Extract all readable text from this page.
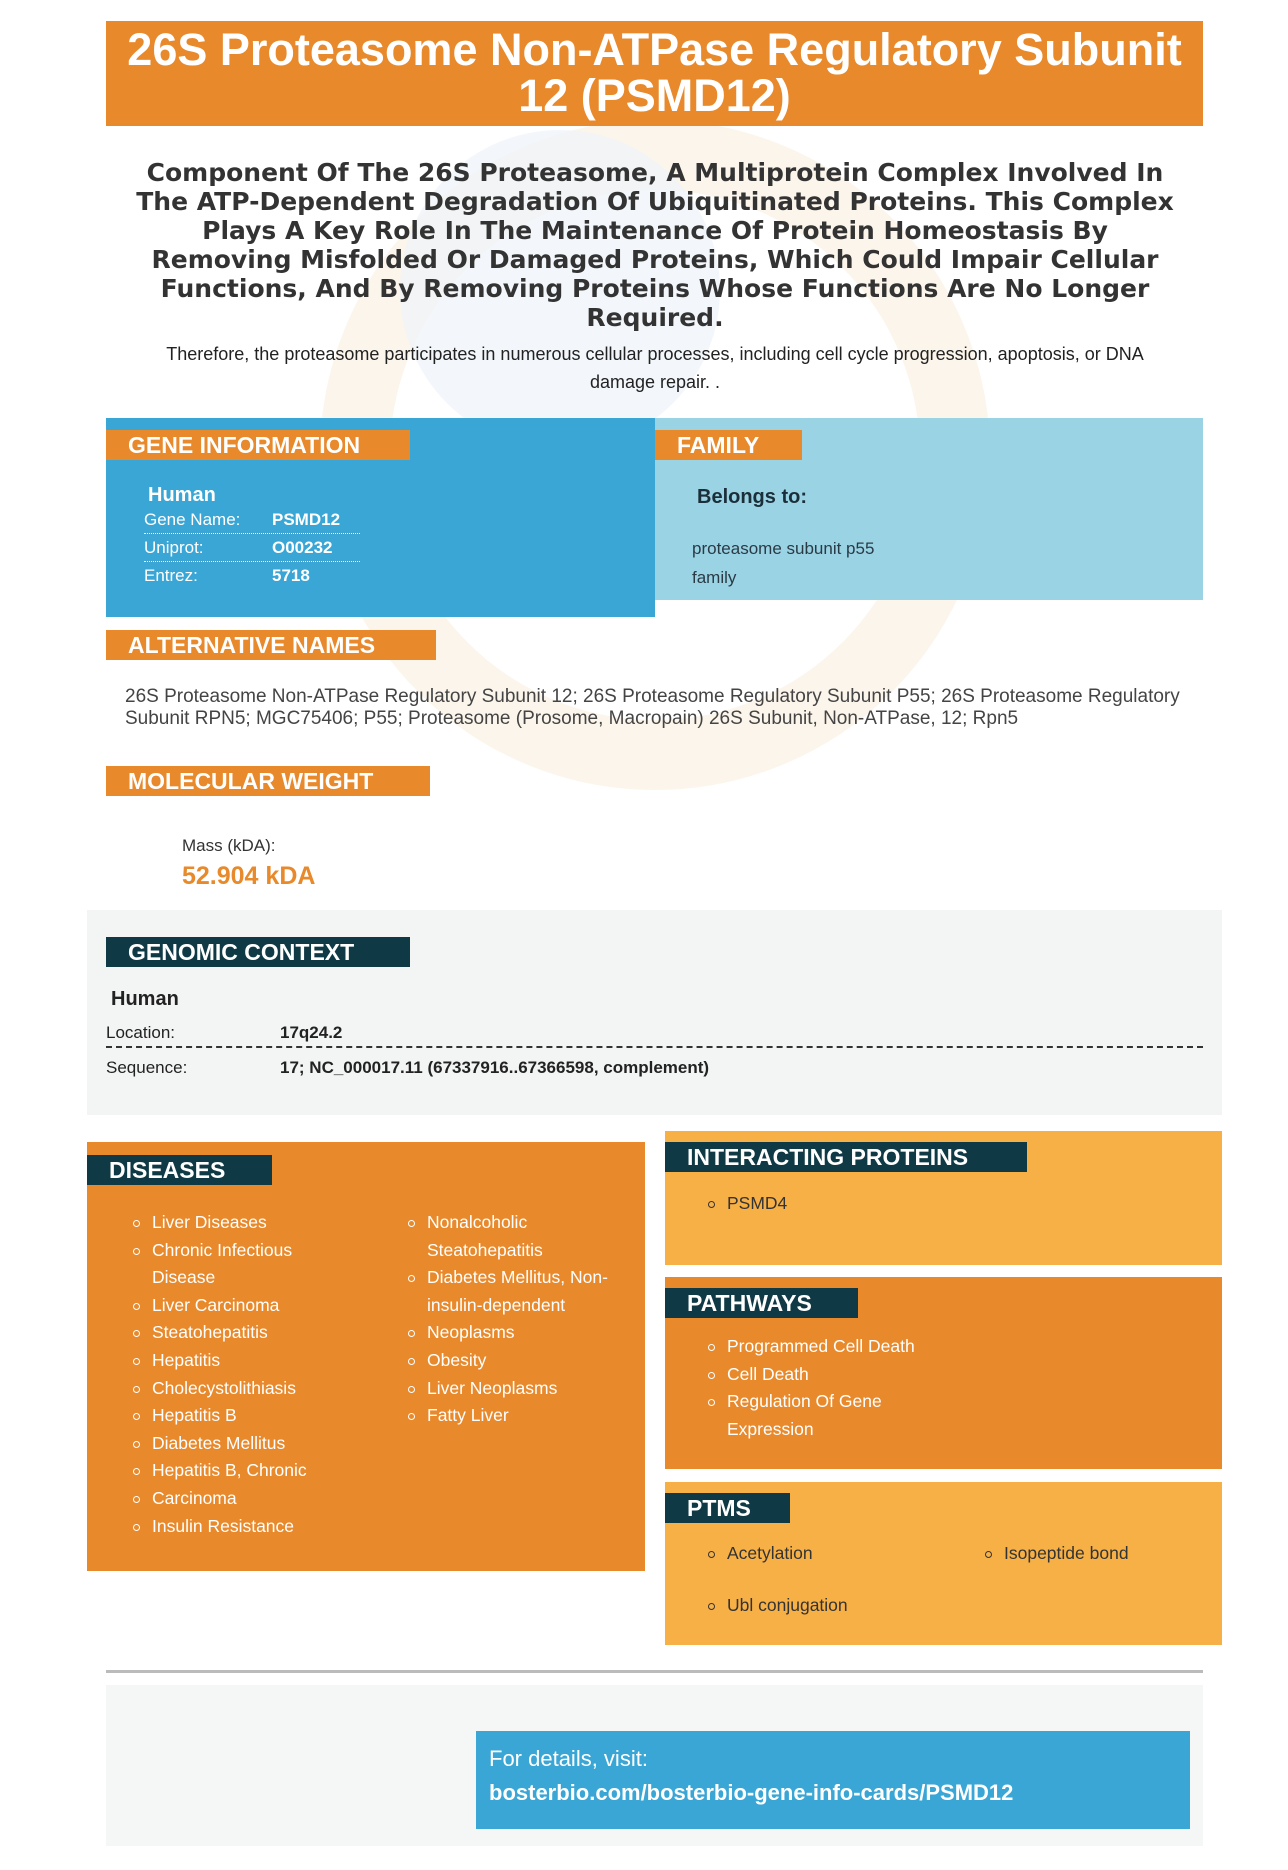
26S Proteasome Non-ATPase Regulatory Subunit 12 (PSMD12)
Component Of The 26S Proteasome, A Multiprotein Complex Involved In The ATP-Dependent Degradation Of Ubiquitinated Proteins. This Complex Plays A Key Role In The Maintenance Of Protein Homeostasis By Removing Misfolded Or Damaged Proteins, Which Could Impair Cellular Functions, And By Removing Proteins Whose Functions Are No Longer Required.
Therefore, the proteasome participates in numerous cellular processes, including cell cycle progression, apoptosis, or DNA damage repair. .
GENE INFORMATION
Human
Gene Name: PSMD12
Uniprot:	O00232
Entrez:	5718
FAMILY
Belongs to:
proteasome subunit p55 family
ALTERNATIVE NAMES
26S Proteasome Non-ATPase Regulatory Subunit 12; 26S Proteasome Regulatory Subunit P55; 26S Proteasome Regulatory Subunit RPN5; MGC75406; P55; Proteasome (Prosome, Macropain) 26S Subunit, Non-ATPase, 12; Rpn5
MOLECULAR WEIGHT
Mass (kDA):
52.904 kDA
GENOMIC CONTEXT
Human
Location:	17q24.2
Sequence:	17; NC_000017.11 (67337916..67366598, complement)
DISEASES
Liver Diseases
Chronic Infectious Disease
Liver Carcinoma
Steatohepatitis
Hepatitis
Cholecystolithiasis
Hepatitis B
Diabetes Mellitus
Hepatitis B, Chronic
Carcinoma
Insulin Resistance
Nonalcoholic Steatohepatitis
Diabetes Mellitus, Non-insulin-dependent
Neoplasms
Obesity
Liver Neoplasms
Fatty Liver
INTERACTING PROTEINS
PSMD4
PATHWAYS
Programmed Cell Death
Cell Death
Regulation Of Gene Expression
PTMS
Acetylation
Ubl conjugation
Isopeptide bond
For details, visit:
bosterbio.com/bosterbio-gene-info-cards/PSMD12
